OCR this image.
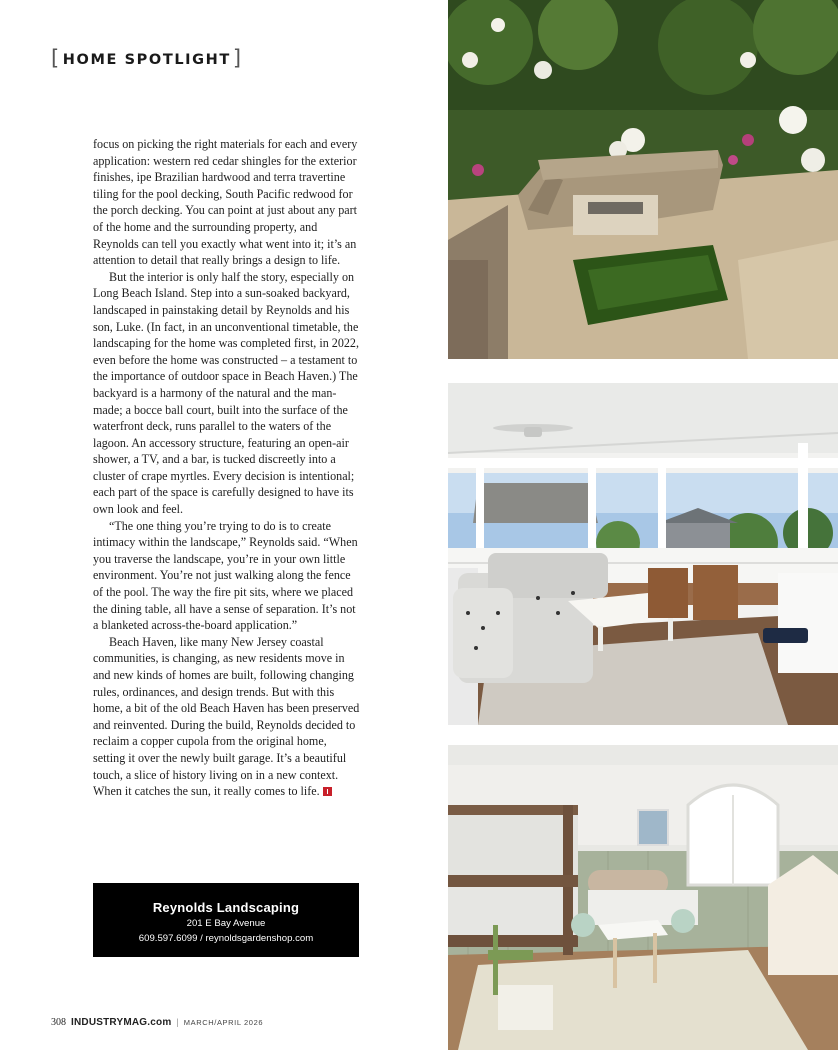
[ HOME SPOTLIGHT ]

focus on picking the right materials for each and every application: western red cedar shingles for the exterior finishes, ipe Brazilian hardwood and terra travertine tiling for the pool decking, South Pacific redwood for the porch decking. You can point at just about any part of the home and the surrounding property, and Reynolds can tell you exactly what went into it; it’s an attention to detail that really brings a design to life.

But the interior is only half the story, especially on Long Beach Island. Step into a sun-soaked backyard, landscaped in painstaking detail by Reynolds and his son, Luke. (In fact, in an unconventional timetable, the landscaping for the home was completed first, in 2022, even before the home was constructed – a testament to the importance of outdoor space in Beach Haven.) The backyard is a harmony of the natural and the man-made; a bocce ball court, built into the surface of the waterfront deck, runs parallel to the waters of the lagoon. An accessory structure, featuring an open-air shower, a TV, and a bar, is tucked discreetly into a cluster of crape myrtles. Every decision is intentional; each part of the space is carefully designed to have its own look and feel.

“The one thing you’re trying to do is to create intimacy within the landscape,” Reynolds said. “When you traverse the landscape, you’re in your own little environment. You’re not just walking along the fence of the pool. The way the fire pit sits, where we placed the dining table, all have a sense of separation. It’s not a blanketed across-the-board application.”

Beach Haven, like many New Jersey coastal communities, is changing, as new residents move in and new kinds of homes are built, following changing rules, ordinances, and design trends. But with this home, a bit of the old Beach Haven has been preserved and reinvented. During the build, Reynolds decided to reclaim a copper cupola from the original home, setting it over the newly built garage. It’s a beautiful touch, a slice of history living on in a new context. When it catches the sun, it really comes to life.

Reynolds Landscaping
201 E Bay Avenue
609.597.6099 / reynoldsgardenshop.com
308 INDUSTRYMAG.com | MARCH/APRIL 2026
